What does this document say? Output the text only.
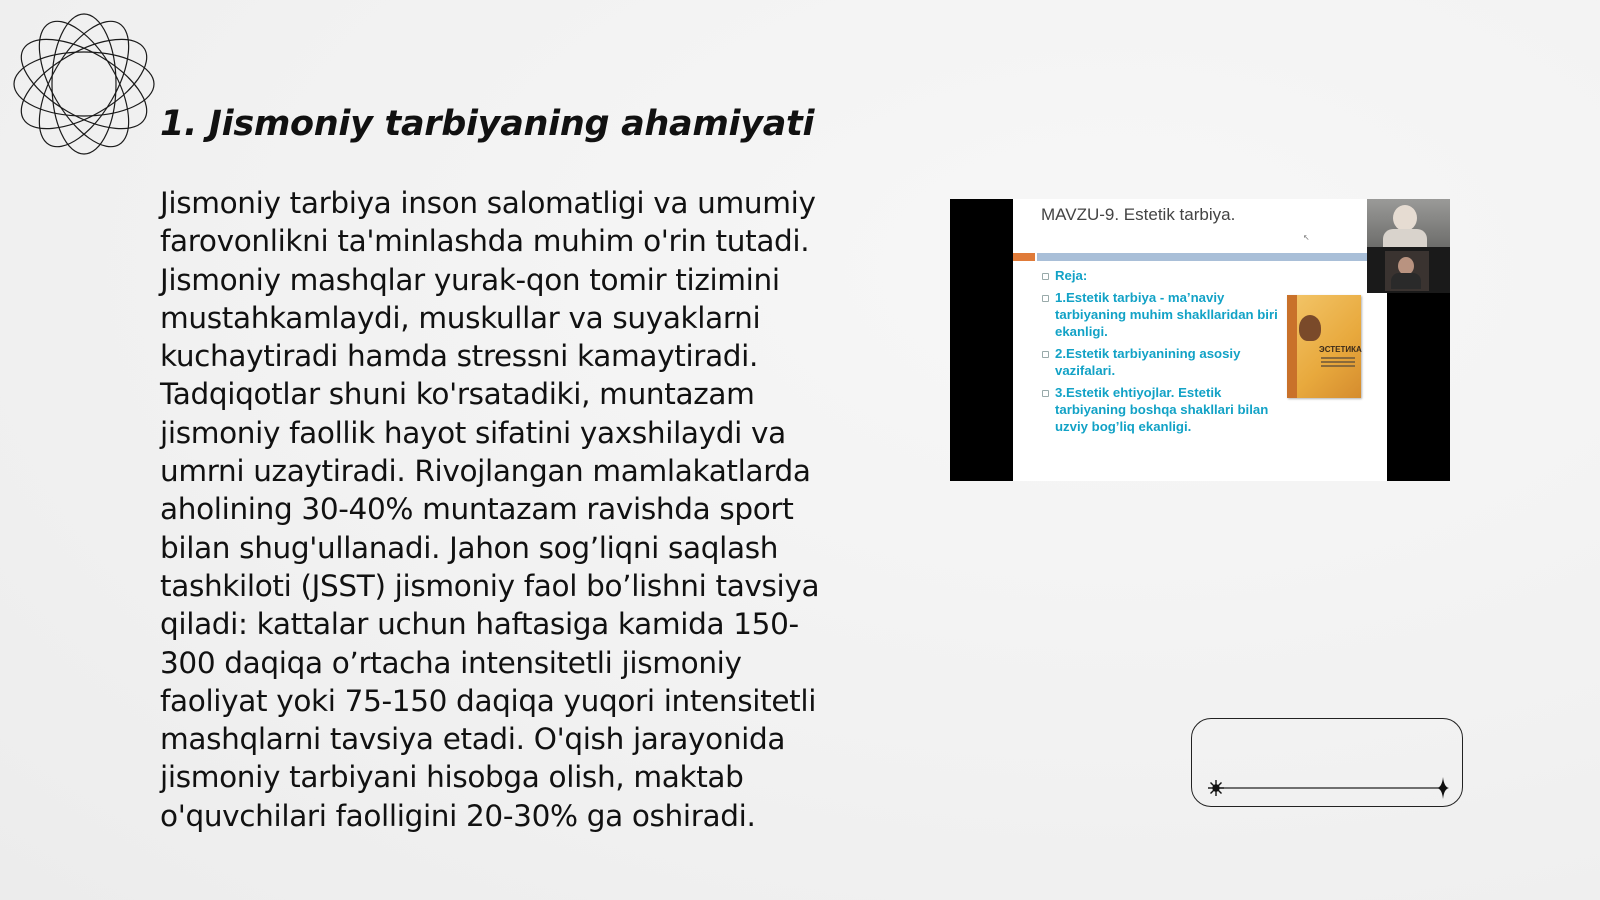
1. Jismoniy tarbiyaning ahamiyati
Jismoniy tarbiya inson salomatligi va umumiy
farovonlikni ta'minlashda muhim o'rin tutadi.
Jismoniy mashqlar yurak-qon tomir tizimini
mustahkamlaydi, muskullar va suyaklarni
kuchaytiradi hamda stressni kamaytiradi.
Tadqiqotlar shuni ko'rsatadiki, muntazam
jismoniy faollik hayot sifatini yaxshilaydi va
umrni uzaytiradi. Rivojlangan mamlakatlarda
aholining 30-40% muntazam ravishda sport
bilan shug'ullanadi. Jahon sog’liqni saqlash
tashkiloti (JSST) jismoniy faol bo’lishni tavsiya
qiladi: kattalar uchun haftasiga kamida 150-
300 daqiqa o’rtacha intensitetli jismoniy
faoliyat yoki 75-150 daqiqa yuqori intensitetli
mashqlarni tavsiya etadi. O'qish jarayonida
jismoniy tarbiyani hisobga olish, maktab
o'quvchilari faolligini 20-30% ga oshiradi.
MAVZU-9. Estetik tarbiya.
↖
Reja:
1.Estetik tarbiya - ma’naviy tarbiyaning muhim shakllaridan biri ekanligi.
2.Estetik tarbiyanining asosiy vazifalari.
3.Estetik ehtiyojlar. Estetik tarbiyaning boshqa shakllari bilan uzviy bog’liq ekanligi.
ЭСТЕТИКА
